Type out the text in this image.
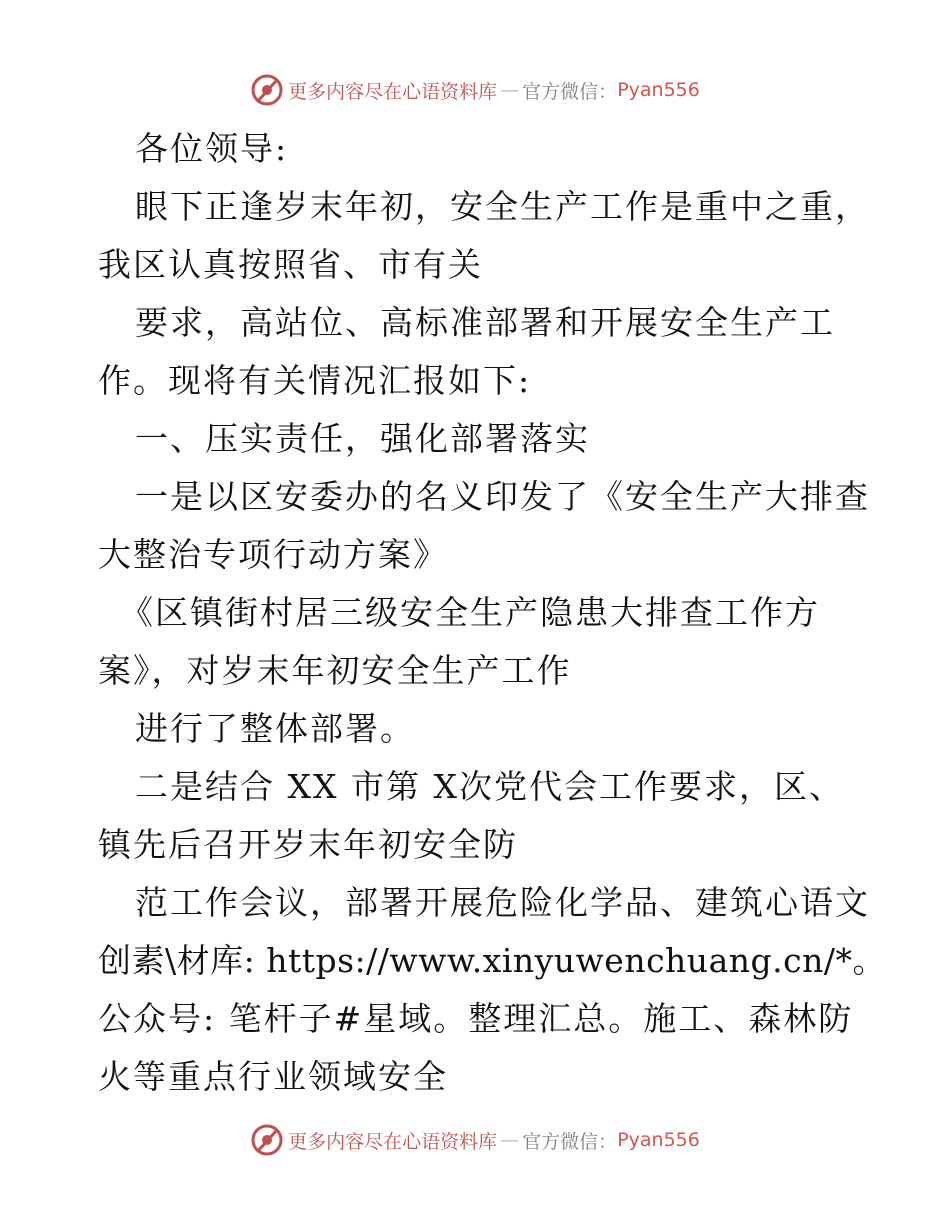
更多内容尽在心语资料库 — 官方微信： Pyan556
各位领导:
眼下正逢岁末年初，安全生产工作是重中之重，
我区认真按照省、市有关
要求，高站位、高标准部署和开展安全生产工
作。现将有关情况汇报如下:
一、压实责任，强化部署落实
一是以区安委办的名义印发了《安全生产大排查
大整治专项行动方案》
《区镇街村居三级安全生产隐患大排查工作方
案》，对岁末年初安全生产工作
进行了整体部署。
二是结合 XX 市第 X次党代会工作要求，区、
镇先后召开岁末年初安全防
范工作会议，部署开展危险化学品、建筑心语文
创素\材库: https://www.xinyuwenchuang.cn/*。
公众号: 笔杆子#星域。整理汇总。施工、森林防
火等重点行业领域安全
更多内容尽在心语资料库 — 官方微信： Pyan556
